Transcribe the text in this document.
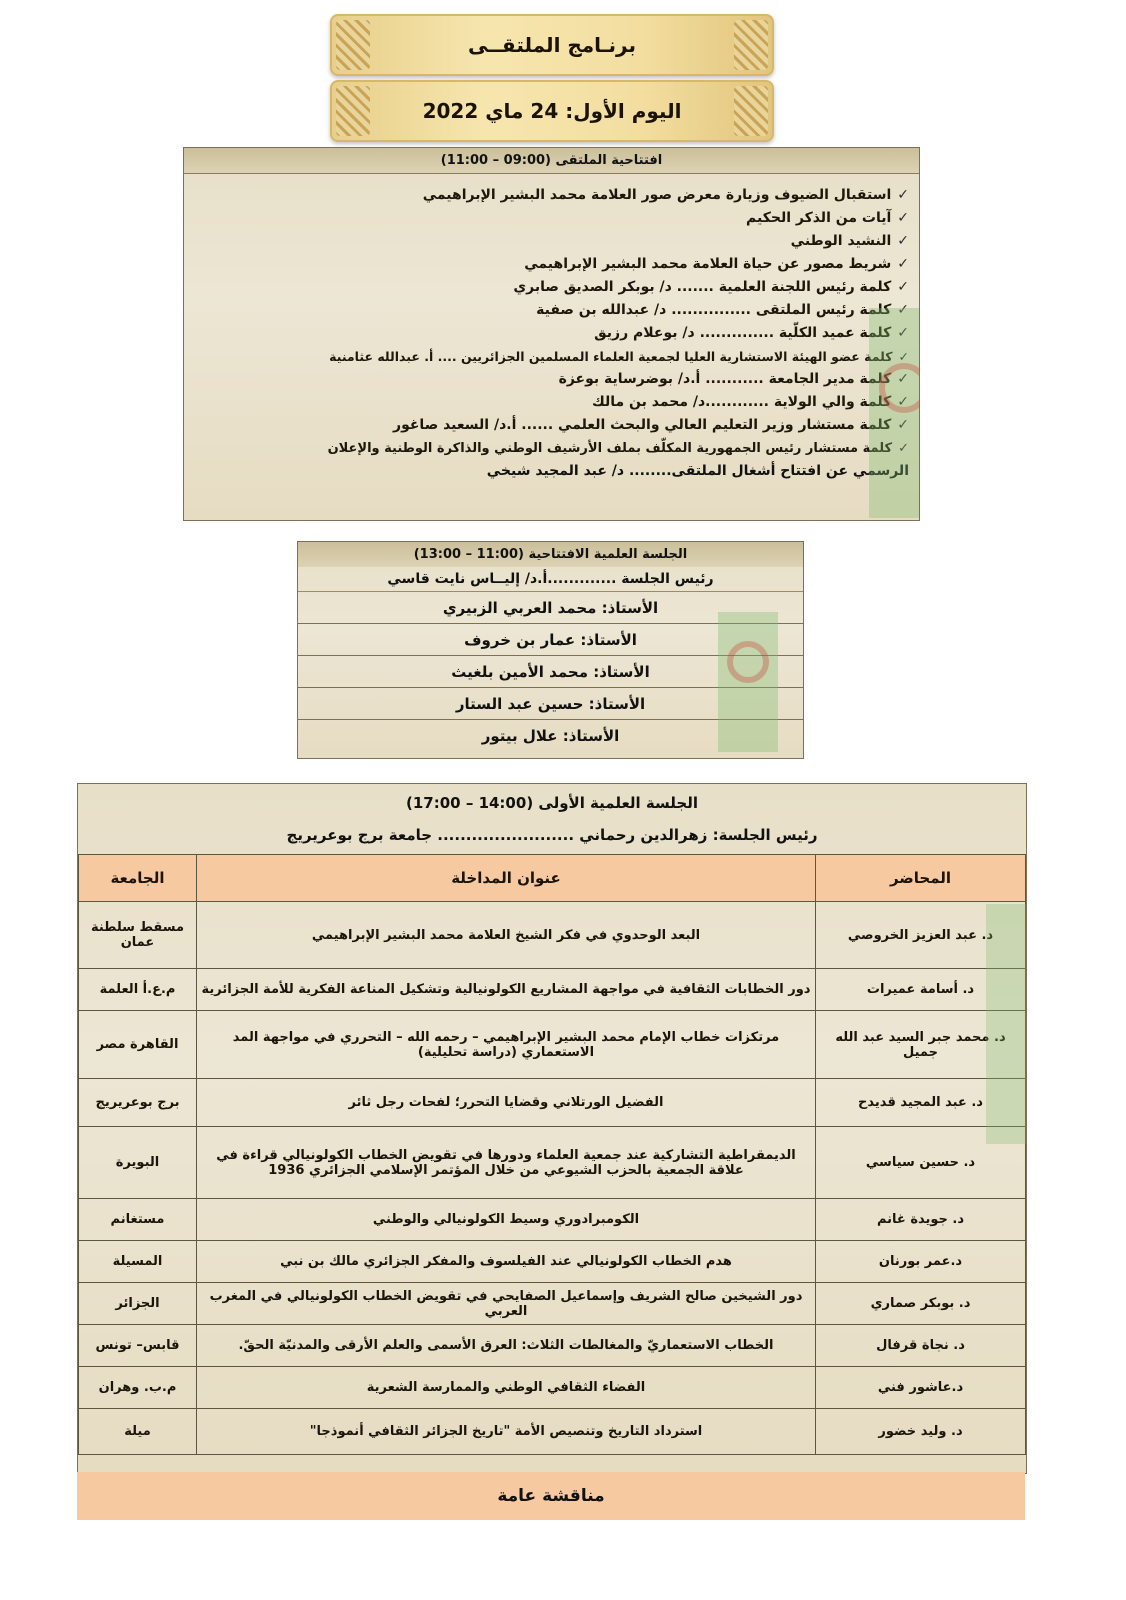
برنـامج الملتقــى
اليوم الأول: 24 ماي 2022
افتتاحية الملتقى (09:00 – 11:00)
✓استقبال الضيوف وزيارة معرض صور العلامة محمد البشير الإبراهيمي
✓آيات من الذكر الحكيم
✓النشيد الوطني
✓شريط مصور عن حياة العلامة محمد البشير الإبراهيمي
✓كلمة رئيس اللجنة العلمية ....... د/ بوبكر الصديق صابري
✓كلمة رئيس الملتقى ............... د/ عبدالله بن صفية
✓كلمة عميد الكلّية .............. د/ بوعلام رزيق
✓كلمة عضو الهيئة الاستشارية العليا لجمعية العلماء المسلمين الجزائريين .... أ. عبدالله عثامنية
✓كلمة مدير الجامعة ........... أ.د/ بوضرساية بوعزة
✓كلمة والي الولاية ............د/ محمد بن مالك
✓كلمة مستشار وزير التعليم العالي والبحث العلمي ...... أ.د/ السعيد صاغور
✓كلمة مستشار رئيس الجمهورية المكلّف بملف الأرشيف الوطني والذاكرة الوطنية والإعلان
الرسمي عن افتتاح أشغال الملتقى........ د/ عبد المجيد شيخي
الجلسة العلمية الافتتاحية (11:00 – 13:00)
رئيس الجلسة .............أ.د/ إليــاس نايت قاسي
الأستاذ: محمد العربي الزبيري
الأستاذ: عمار بن خروف
الأستاذ: محمد الأمين بلغيث
الأستاذ: حسين عبد الستار
الأستاذ: علال بيتور
الجلسة العلمية الأولى (14:00 – 17:00)
رئيس الجلسة: زهرالدين رحماني ........................ جامعة برج بوعريريج
المحاضر	عنوان المداخلة	الجامعة
د. عبد العزيز الخروصي	البعد الوحدوي في فكر الشيخ العلامة محمد البشير الإبراهيمي	مسقط سلطنة عمان
د. أسامة عميرات	دور الخطابات الثقافية في مواجهة المشاريع الكولونيالية وتشكيل المناعة الفكرية للأمة الجزائرية	م.ع.أ العلمة
د. محمد جبر السيد عبد الله جميل	مرتكزات خطاب الإمام محمد البشير الإبراهيمي – رحمه الله – التحرري في مواجهة المد الاستعماري (دراسة تحليلية)	القاهرة مصر
د. عبد المجيد قديدح	الفضيل الورتلاني وقضايا التحرر؛ لفحات رجل ثائر	برج بوعريريج
د. حسين سياسي	الديمقراطية التشاركية عند جمعية العلماء ودورها في تقويض الخطاب الكولونيالي قراءة في علاقة الجمعية بالحزب الشيوعي من خلال المؤتمر الإسلامي الجزائري 1936	البويرة
د. جويدة غانم	الكومبرادوري وسيط الكولونيالي والوطني	مستغانم
د.عمر بورنان	هدم الخطاب الكولونيالي عند الفيلسوف والمفكر الجزائري مالك بن نبي	المسيلة
د. بوبكر صماري	دور الشيخين صالح الشريف وإسماعيل الصفايحي في تقويض الخطاب الكولونيالي في المغرب العربي	الجزائر
د. نجاة قرفال	الخطاب الاستعماريّ والمغالطات الثلاث: العرق الأسمى والعلم الأرقى والمدنيّة الحقّ.	قابس– تونس
د.عاشور فني	الفضاء الثقافي الوطني والممارسة الشعرية	م.ب. وهران
د. وليد خضور	استرداد التاريخ وتنصيص الأمة "تاريخ الجزائر الثقافي أنموذجا"	ميلة
مناقشة عامة
